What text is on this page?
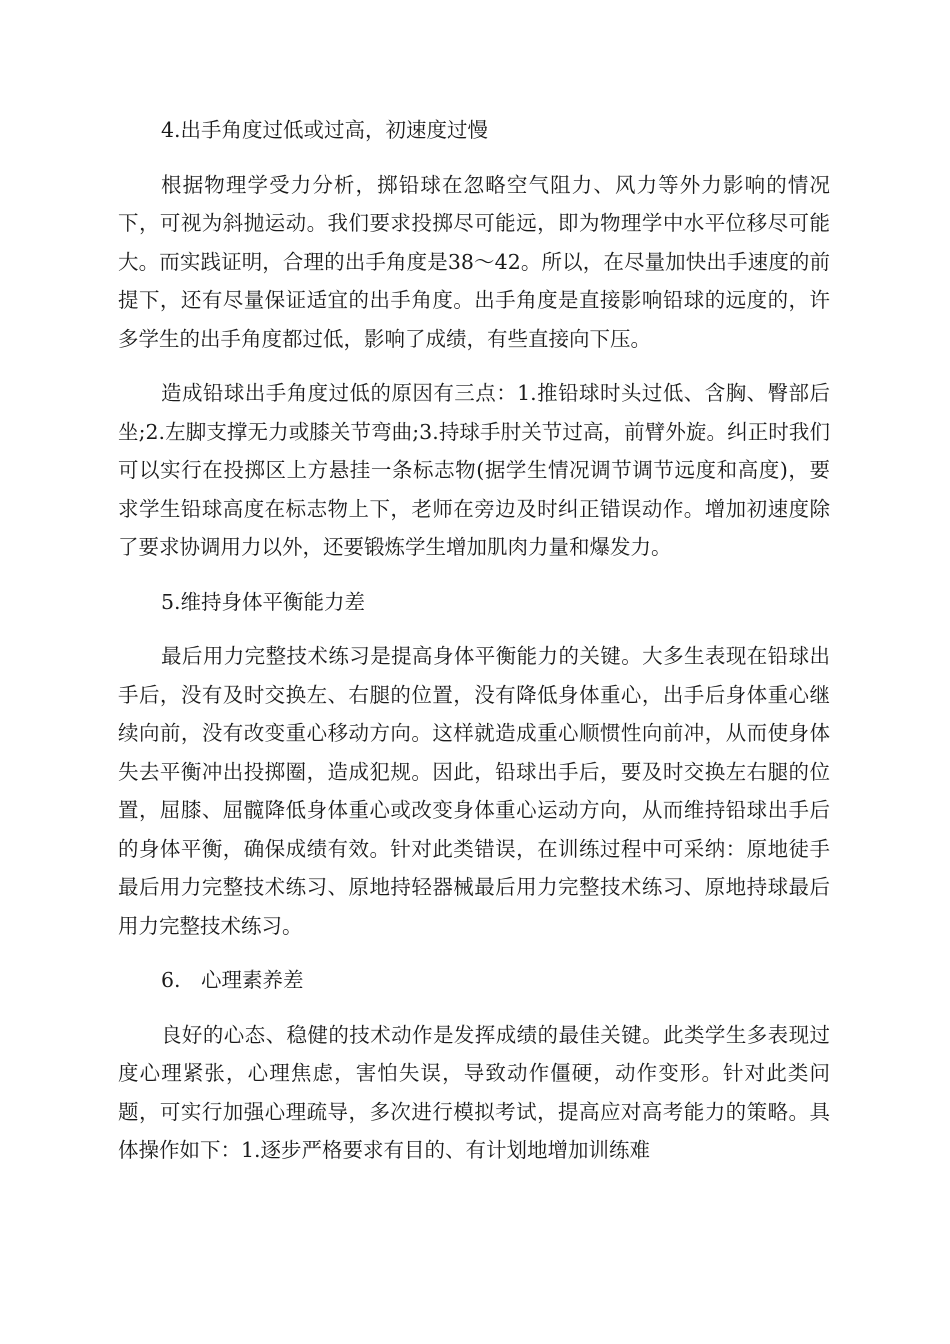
4.出手角度过低或过高，初速度过慢

根据物理学受力分析，掷铅球在忽略空气阻力、风力等外力影响的情况下，可视为斜抛运动。我们要求投掷尽可能远，即为物理学中水平位移尽可能大。而实践证明，合理的出手角度是38～42。所以，在尽量加快出手速度的前提下，还有尽量保证适宜的出手角度。出手角度是直接影响铅球的远度的，许多学生的出手角度都过低，影响了成绩，有些直接向下压。

造成铅球出手角度过低的原因有三点：1.推铅球时头过低、含胸、臀部后坐;2.左脚支撑无力或膝关节弯曲;3.持球手肘关节过高，前臂外旋。纠正时我们可以实行在投掷区上方悬挂一条标志物(据学生情况调节调节远度和高度)，要求学生铅球高度在标志物上下，老师在旁边及时纠正错误动作。增加初速度除了要求协调用力以外，还要锻炼学生增加肌肉力量和爆发力。

5.维持身体平衡能力差

最后用力完整技术练习是提高身体平衡能力的关键。大多生表现在铅球出手后，没有及时交换左、右腿的位置，没有降低身体重心，出手后身体重心继续向前，没有改变重心移动方向。这样就造成重心顺惯性向前冲，从而使身体失去平衡冲出投掷圈，造成犯规。因此，铅球出手后，要及时交换左右腿的位置，屈膝、屈髋降低身体重心或改变身体重心运动方向，从而维持铅球出手后的身体平衡，确保成绩有效。针对此类错误，在训练过程中可采纳：原地徒手最后用力完整技术练习、原地持轻器械最后用力完整技术练习、原地持球最后用力完整技术练习。

6.　心理素养差

良好的心态、稳健的技术动作是发挥成绩的最佳关键。此类学生多表现过度心理紧张，心理焦虑，害怕失误，导致动作僵硬，动作变形。针对此类问题，可实行加强心理疏导，多次进行模拟考试，提高应对高考能力的策略。具体操作如下：1.逐步严格要求有目的、有计划地增加训练难
